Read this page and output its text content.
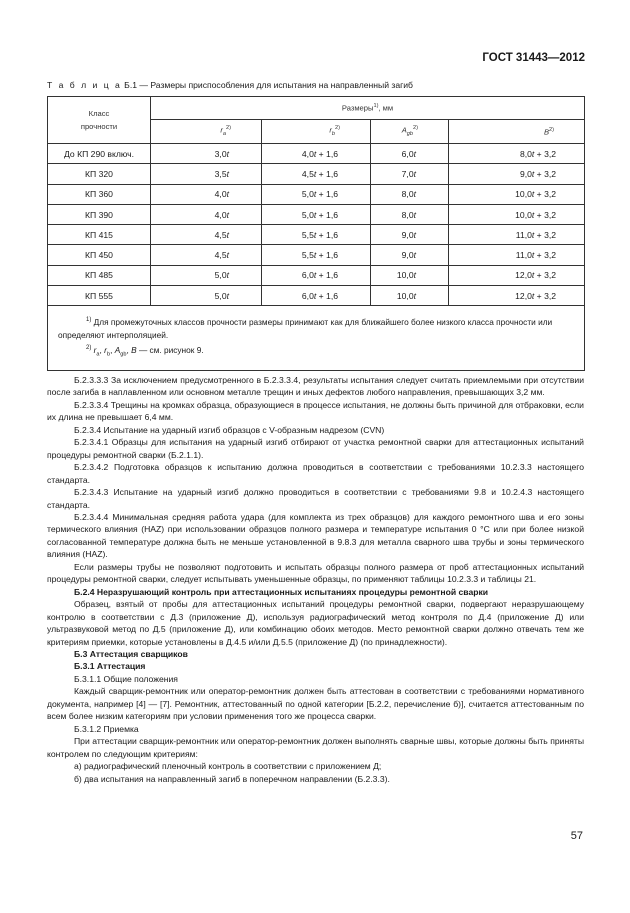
ГОСТ 31443—2012
Т а б л и ц а Б.1 — Размеры приспособления для испытания на направленный загиб
Класс
прочности	Размеры$^{1)}$, мм			
	$r_a^{2)}$	$r_b^{2)}$	$A_{gb}^{2)}$	$B^{2)}$
До КП 290 включ.	3,0t	4,0t + 1,6	6,0t	8,0t + 3,2
КП 320	3,5t	4,5t + 1,6	7,0t	9,0t + 3,2
КП 360	4,0t	5,0t + 1,6	8,0t	10,0t + 3,2
КП 390	4,0t	5,0t + 1,6	8,0t	10,0t + 3,2
КП 415	4,5t	5,5t + 1,6	9,0t	11,0t + 3,2
КП 450	4,5t	5,5t + 1,6	9,0t	11,0t + 3,2
КП 485	5,0t	6,0t + 1,6	10,0t	12,0t + 3,2
КП 555	5,0t	6,0t + 1,6	10,0t	12,0t + 3,2

$^{1)}$ Для промежуточных классов прочности размеры принимают как для ближайшего более низкого класса прочности или определяют интерполяцией.
$^{2)}$ $r_a$, $r_b$, $A_{gb}$, B — см. рисунок 9.				

Б.2.3.3.3 За исключением предусмотренного в Б.2.3.3.4, результаты испытания следует считать приемлемыми при отсутствии после загиба в наплавленном или основном металле трещин и иных дефектов любого направления, превышающих 3,2 мм.

Б.2.3.3.4 Трещины на кромках образца, образующиеся в процессе испытания, не должны быть причиной для отбраковки, если их длина не превышает 6,4 мм.

Б.2.3.4 Испытание на ударный изгиб образцов с V-образным надрезом (CVN)

Б.2.3.4.1 Образцы для испытания на ударный изгиб отбирают от участка ремонтной сварки для аттестационных испытаний процедуры ремонтной сварки (Б.2.1.1).

Б.2.3.4.2 Подготовка образцов к испытанию должна проводиться в соответствии с требованиями 10.2.3.3 настоящего стандарта.

Б.2.3.4.3 Испытание на ударный изгиб должно проводиться в соответствии с требованиями 9.8 и 10.2.4.3 настоящего стандарта.

Б.2.3.4.4 Минимальная средняя работа удара (для комплекта из трех образцов) для каждого ремонтного шва и его зоны термического влияния (HAZ) при использовании образцов полного размера и температуре испытания 0 °C или при более низкой согласованной температуре должна быть не меньше установленной в 9.8.3 для металла сварного шва трубы и зоны термического влияния (HAZ).

Если размеры трубы не позволяют подготовить и испытать образцы полного размера от проб аттестационных испытаний процедуры ремонтной сварки, следует испытывать уменьшенные образцы, по применяют таблицы 10.2.3.3 и таблицы 21.

Б.2.4 Неразрушающий контроль при аттестационных испытаниях процедуры ремонтной сварки

Образец, взятый от пробы для аттестационных испытаний процедуры ремонтной сварки, подвергают неразрушающему контролю в соответствии с Д.3 (приложение Д), используя радиографический метод контроля по Д.4 (приложение Д) или ультразвуковой метод по Д.5 (приложение Д), или комбинацию обоих методов. Место ремонтной сварки должно отвечать тем же критериям приемки, которые установлены в Д.4.5 и/или Д.5.5 (приложение Д) (по принадлежности).

Б.3 Аттестация сварщиков

Б.3.1 Аттестация

Б.3.1.1 Общие положения

Каждый сварщик-ремонтник или оператор-ремонтник должен быть аттестован в соответствии с требованиями нормативного документа, например [4] — [7]. Ремонтник, аттестованный по одной категории [Б.2.2, перечисление б)], считается аттестованным по всем более низким категориям при условии применения того же процесса сварки.

Б.3.1.2 Приемка

При аттестации сварщик-ремонтник или оператор-ремонтник должен выполнять сварные швы, которые должны быть приняты контролем по следующим критериям:

а) радиографический пленочный контроль в соответствии с приложением Д;

б) два испытания на направленный загиб в поперечном направлении (Б.2.3.3).

57
